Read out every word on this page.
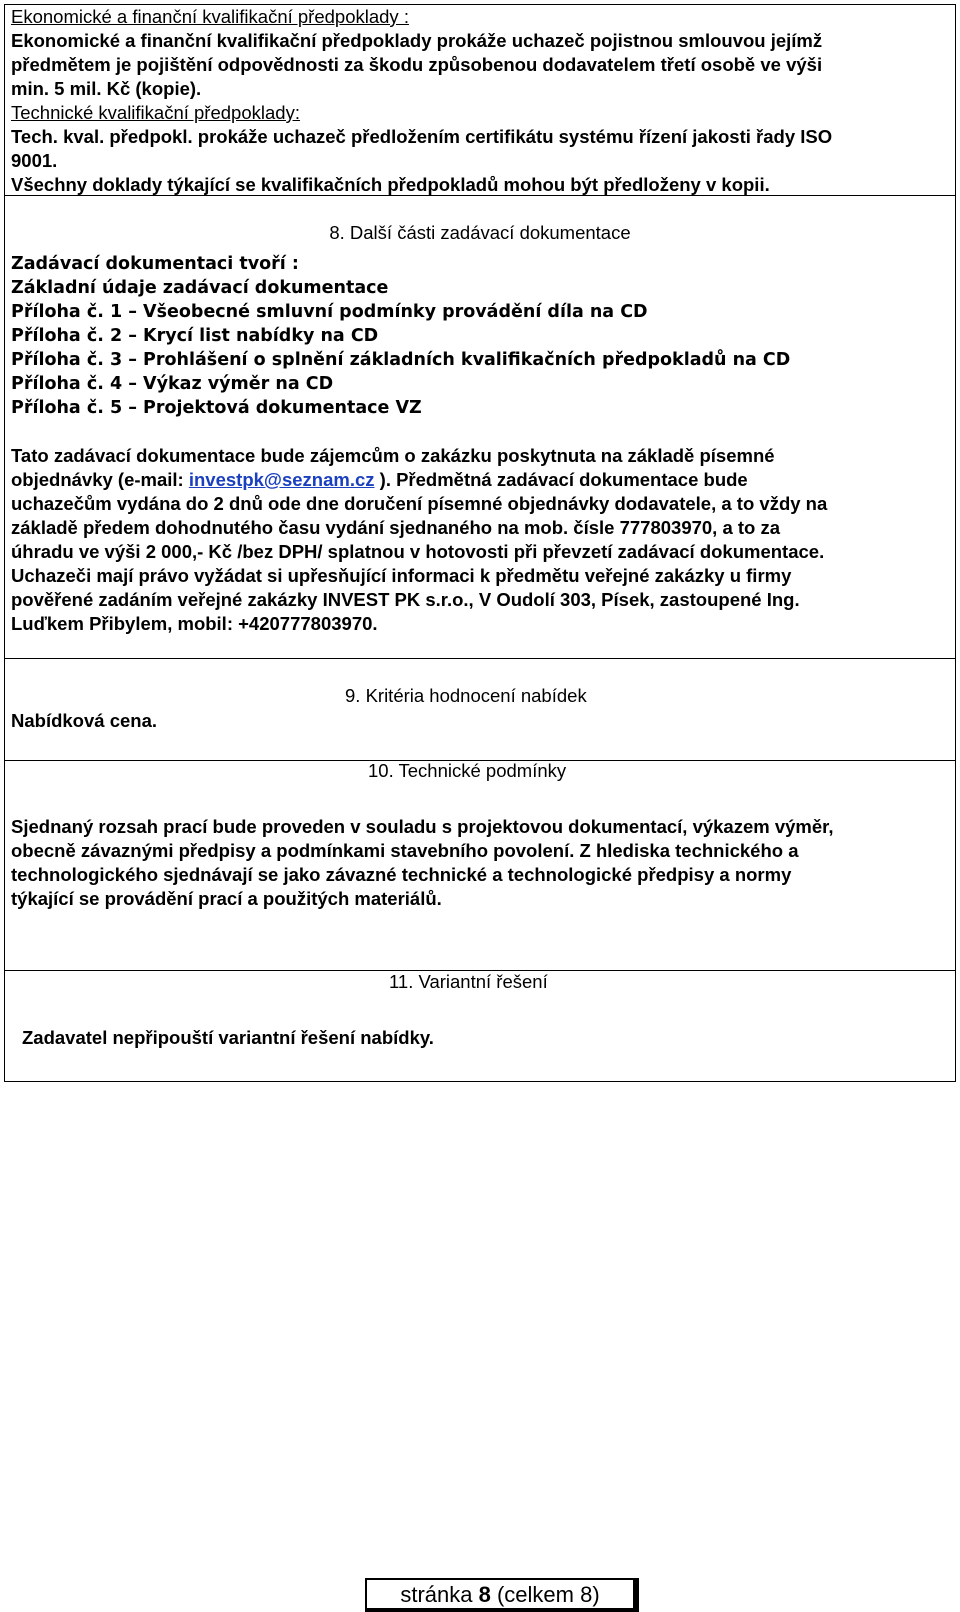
Ekonomické a finanční kvalifikační předpoklady :
Ekonomické a finanční kvalifikační předpoklady prokáže uchazeč pojistnou smlouvou jejímž
předmětem je pojištění odpovědnosti za škodu způsobenou dodavatelem třetí osobě ve výši
min. 5 mil. Kč (kopie).
Technické kvalifikační předpoklady:
Tech. kval. předpokl. prokáže uchazeč předložením certifikátu systému řízení jakosti řady ISO
9001.
Všechny doklady týkající se kvalifikačních předpokladů mohou být předloženy v kopii.
8. Další části zadávací dokumentace
Zadávací dokumentaci tvoří :
Základní údaje zadávací dokumentace
Příloha č. 1 – Všeobecné smluvní podmínky provádění díla na CD
Příloha č. 2 – Krycí list nabídky na CD
Příloha č. 3 – Prohlášení o splnění základních kvalifikačních předpokladů na CD
Příloha č. 4 – Výkaz výměr na CD
Příloha č. 5 – Projektová dokumentace VZ
Tato zadávací dokumentace bude zájemcům o zakázku poskytnuta na základě písemné
objednávky (e-mail: investpk@seznam.cz ). Předmětná zadávací dokumentace bude
uchazečům vydána do 2 dnů ode dne doručení písemné objednávky dodavatele, a to vždy na
základě předem dohodnutého času vydání sjednaného na mob. čísle 777803970, a to za
úhradu ve výši 2 000,- Kč /bez DPH/ splatnou v hotovosti při převzetí zadávací dokumentace.
Uchazeči mají právo vyžádat si upřesňující informaci k předmětu veřejné zakázky u firmy
pověřené zadáním veřejné zakázky INVEST PK s.r.o., V Oudolí 303, Písek, zastoupené Ing.
Luďkem Přibylem, mobil: +420777803970.
9. Kritéria hodnocení nabídek
Nabídková cena.
10. Technické podmínky
Sjednaný rozsah prací bude proveden v souladu s projektovou dokumentací, výkazem výměr,
obecně závaznými předpisy a podmínkami stavebního povolení. Z hlediska technického a
technologického sjednávají se jako závazné technické a technologické předpisy a normy
týkající se provádění prací a použitých materiálů.
11. Variantní řešení
Zadavatel nepřipouští variantní řešení nabídky.
stránka 8 (celkem 8)
